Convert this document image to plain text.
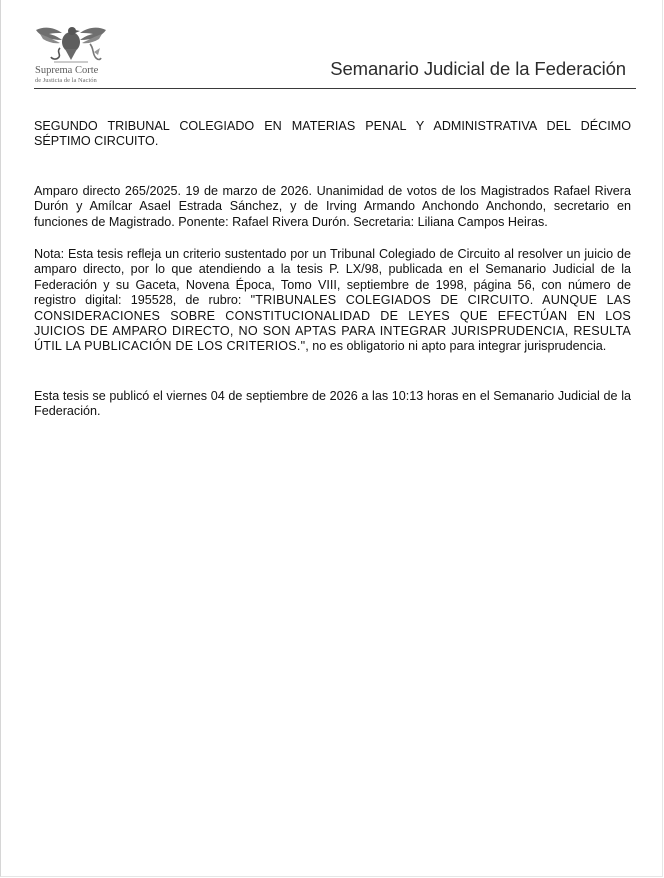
Suprema Corte
de Justicia de la Nación
Semanario Judicial de la Federación

SEGUNDO TRIBUNAL COLEGIADO EN MATERIAS PENAL Y ADMINISTRATIVA DEL DÉCIMO SÉPTIMO CIRCUITO.

Amparo directo 265/2025. 19 de marzo de 2026. Unanimidad de votos de los Magistrados Rafael Rivera Durón y Amílcar Asael Estrada Sánchez, y de Irving Armando Anchondo Anchondo, secretario en funciones de Magistrado. Ponente: Rafael Rivera Durón. Secretaria: Liliana Campos Heiras.

Nota: Esta tesis refleja un criterio sustentado por un Tribunal Colegiado de Circuito al resolver un juicio de amparo directo, por lo que atendiendo a la tesis P. LX/98, publicada en el Semanario Judicial de la Federación y su Gaceta, Novena Época, Tomo VIII, septiembre de 1998, página 56, con número de registro digital: 195528, de rubro: "TRIBUNALES COLEGIADOS DE CIRCUITO. AUNQUE LAS CONSIDERACIONES SOBRE CONSTITUCIONALIDAD DE LEYES QUE EFECTÚAN EN LOS JUICIOS DE AMPARO DIRECTO, NO SON APTAS PARA INTEGRAR JURISPRUDENCIA, RESULTA ÚTIL LA PUBLICACIÓN DE LOS CRITERIOS.", no es obligatorio ni apto para integrar jurisprudencia.

Esta tesis se publicó el viernes 04 de septiembre de 2026 a las 10:13 horas en el Semanario Judicial de la Federación.
